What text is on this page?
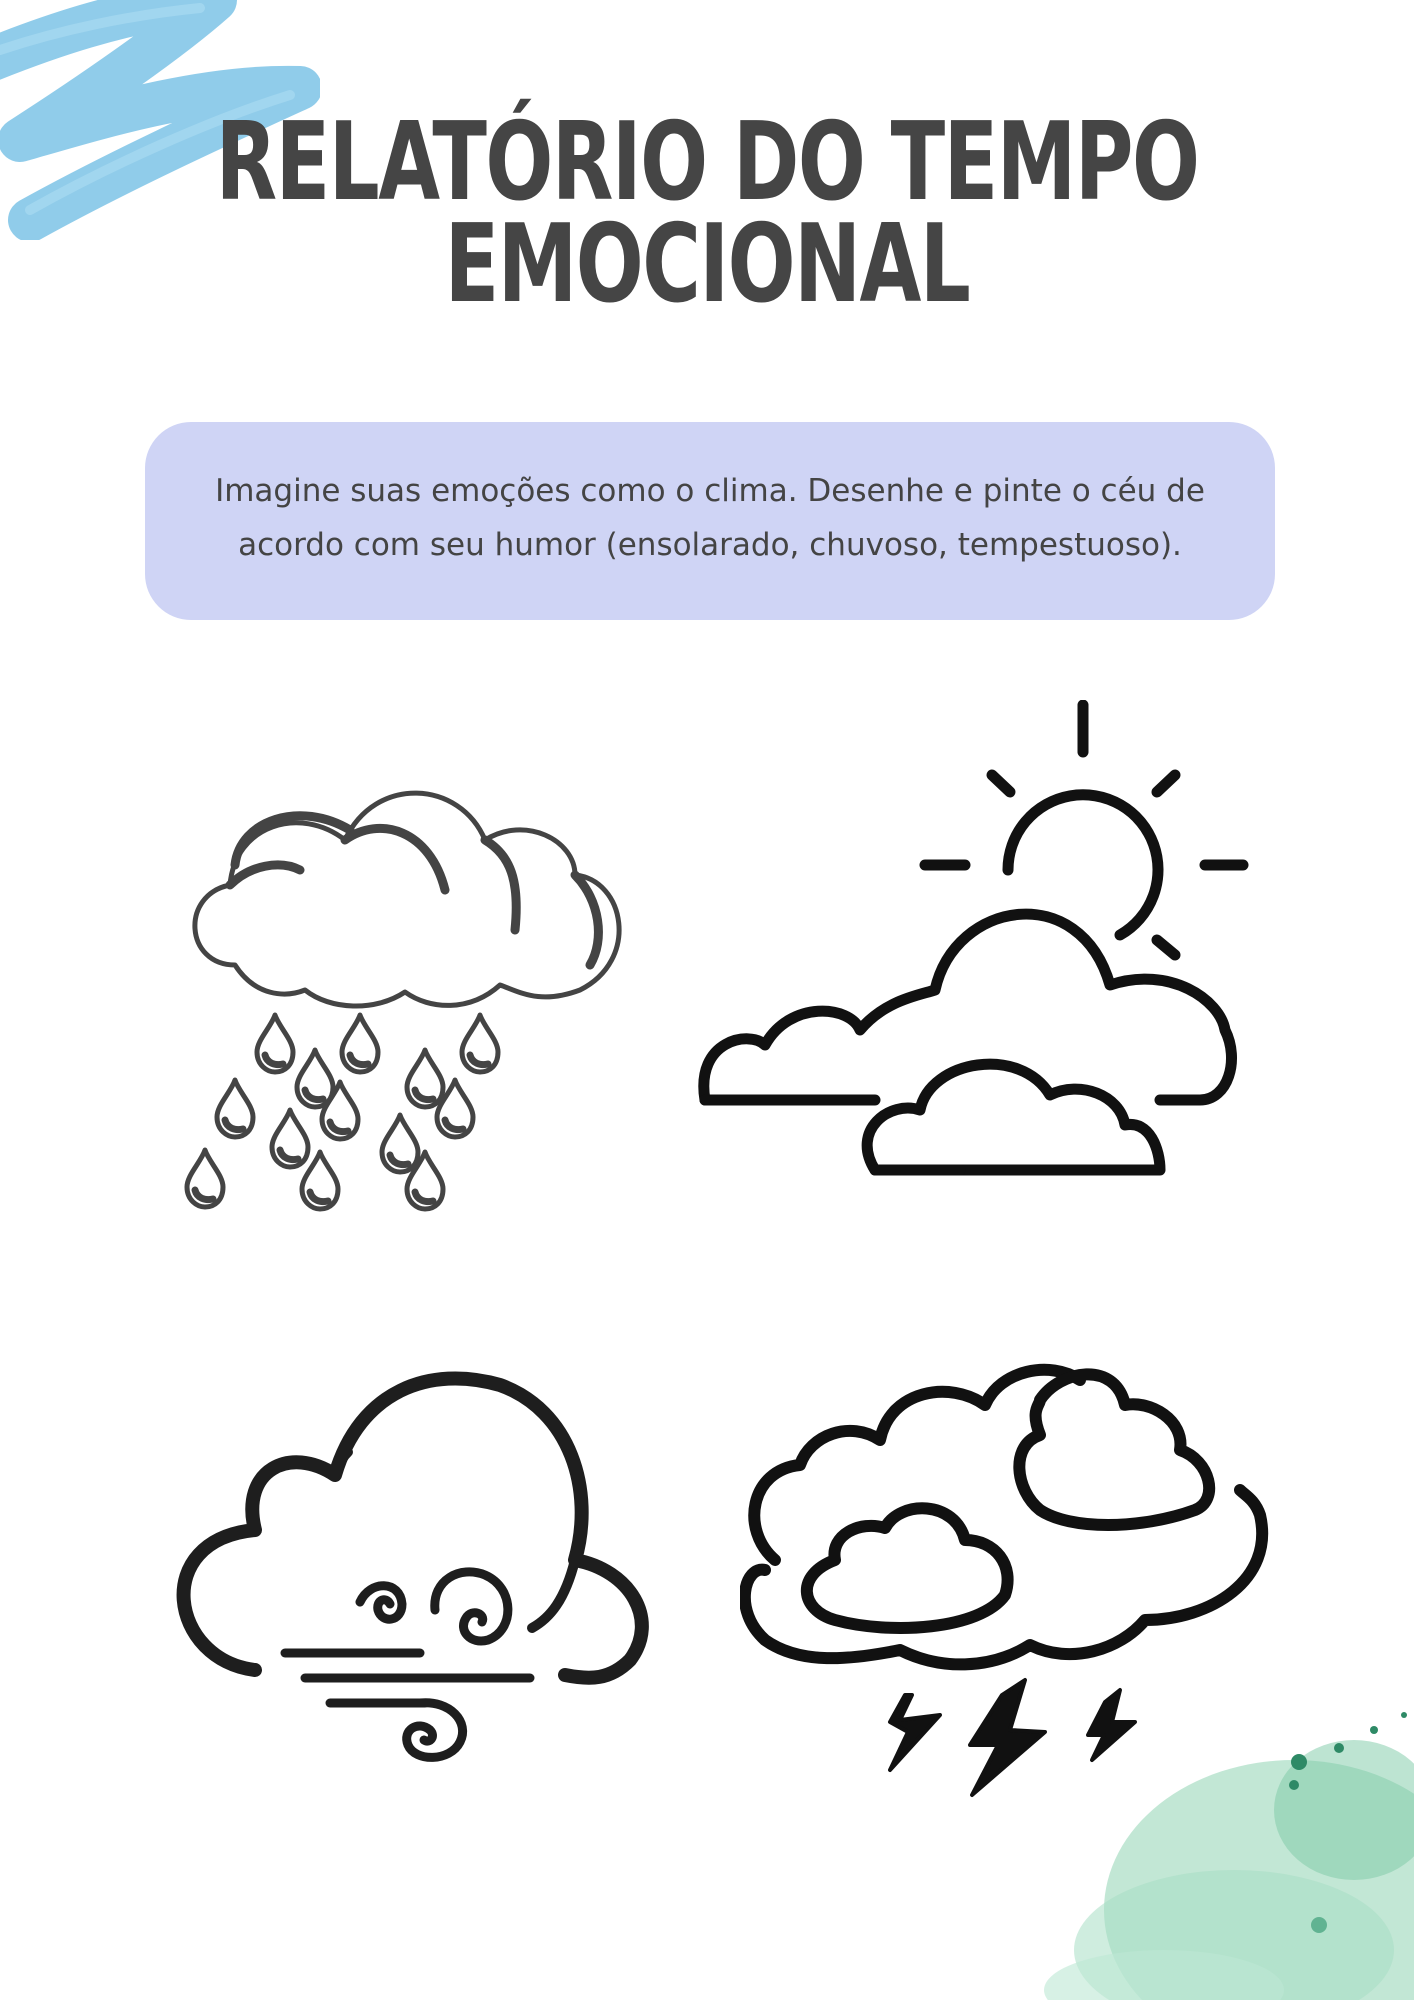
RELATÓRIO DO TEMPO
EMOCIONAL
Imagine suas emoções como o clima. Desenhe e pinte o céu de acordo com seu humor (ensolarado, chuvoso, tempestuoso).
